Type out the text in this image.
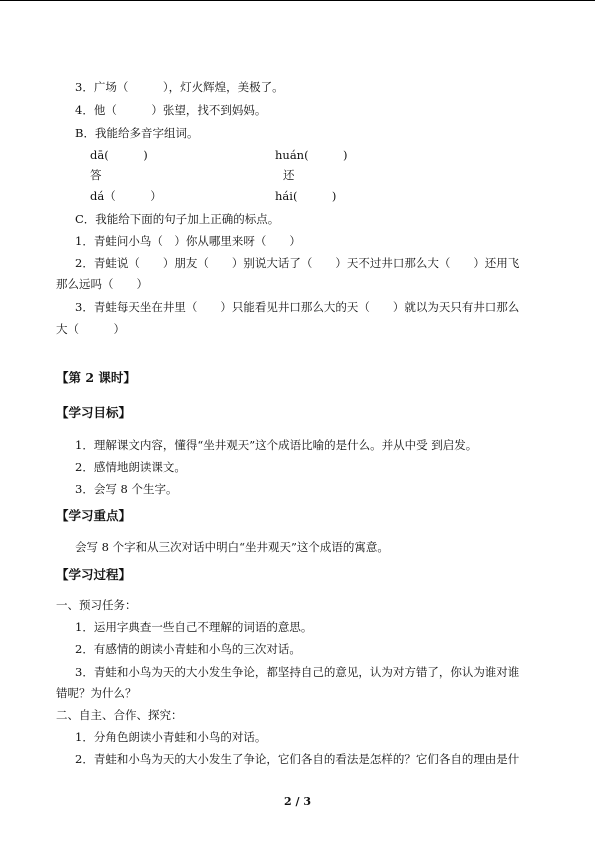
3．广场（　　　），灯火辉煌，美极了。
4．他（　　　）张望，找不到妈妈。
B．我能给多音字组词。
dā(　　　)	huán(　　　)
答	还
dá（　　　）	hái(　　　)
C．我能给下面的句子加上正确的标点。
1．青蛙问小鸟（　）你从哪里来呀（　　）
2．青蛙说（　　）朋友（　　）别说大话了（　　）天不过井口那么大（　　）还用飞
那么远吗（　　）
3．青蛙每天坐在井里（　　）只能看见井口那么大的天（　　）就以为天只有井口那么
大（　　　）
【第 2 课时】
【学习目标】
1．理解课文内容，懂得“坐井观天”这个成语比喻的是什么。并从中受 到启发。
2．感情地朗读课文。
3．会写 8 个生字。
【学习重点】
会写 8 个字和从三次对话中明白“坐井观天”这个成语的寓意。
【学习过程】
一、预习任务：
1．运用字典查一些自己不理解的词语的意思。
2．有感情的朗读小青蛙和小鸟的三次对话。
3．青蛙和小鸟为天的大小发生争论，都坚持自己的意见，认为对方错了，你认为谁对谁
错呢？为什么？
二、自主、合作、探究：
1．分角色朗读小青蛙和小鸟的对话。
2．青蛙和小鸟为天的大小发生了争论，它们各自的看法是怎样的？它们各自的理由是什
2 / 3
